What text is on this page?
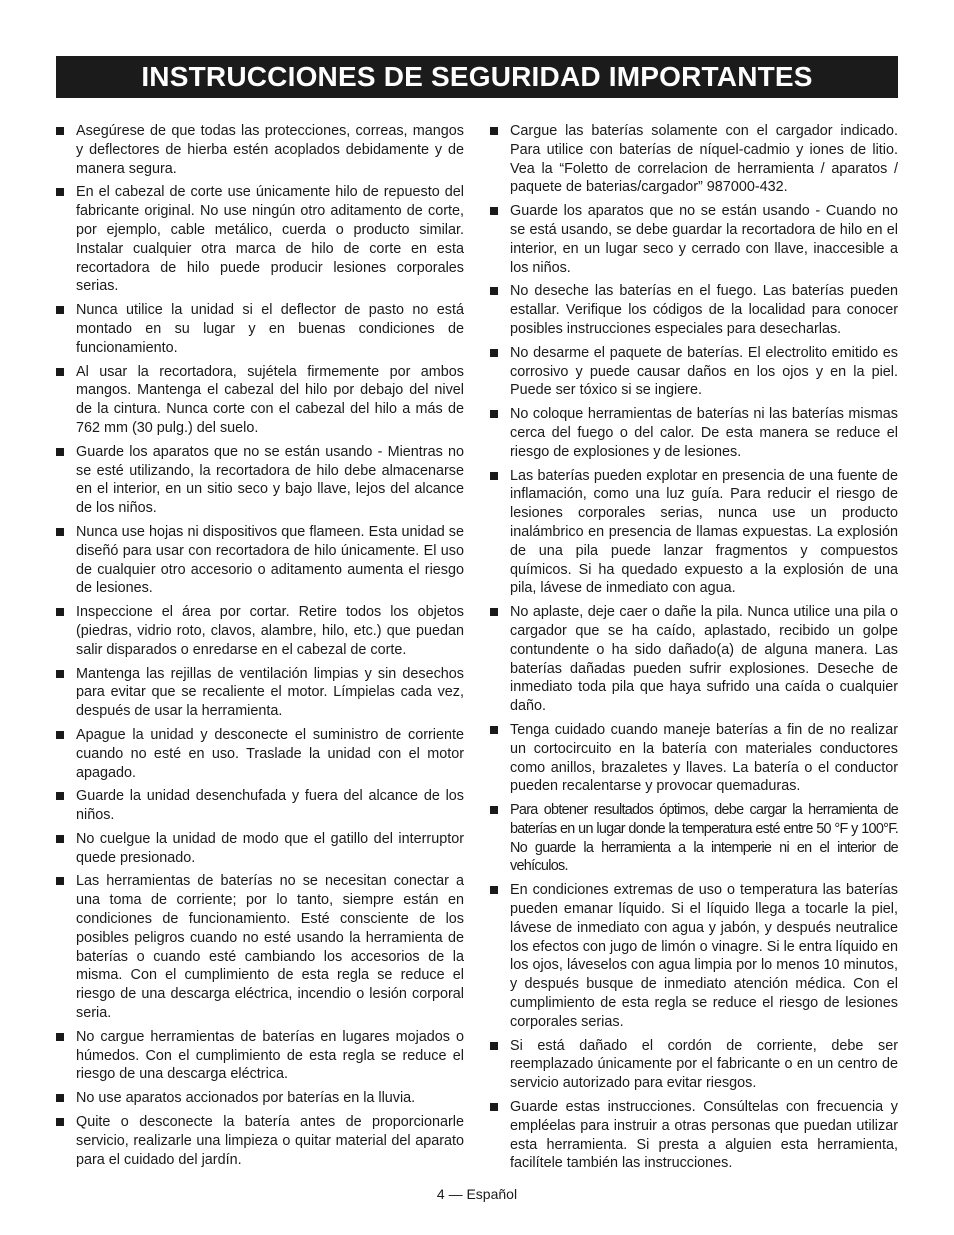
INSTRUCCIONES DE SEGURIDAD IMPORTANTES
Asegúrese de que todas las protecciones, correas, mangos y deflectores de hierba estén acoplados debidamente y de manera segura.
En el cabezal de corte use únicamente hilo de repuesto del fabricante original. No use ningún otro aditamento de corte, por ejemplo, cable metálico, cuerda o producto similar. Instalar cualquier otra marca de hilo de corte en esta recortadora de hilo puede producir lesiones corporales serias.
Nunca utilice la unidad si el deflector de pasto no está montado en su lugar y en buenas condiciones de funcionamiento.
Al usar la recortadora, sujétela firmemente por ambos mangos. Mantenga el cabezal del hilo por debajo del nivel de la cintura. Nunca corte con el cabezal del hilo a más de 762 mm (30 pulg.) del suelo.
Guarde los aparatos que no se están usando - Mientras no se esté utilizando, la recortadora de hilo debe almacenarse en el interior, en un sitio seco y bajo llave, lejos del alcance de los niños.
Nunca use hojas ni dispositivos que flameen. Esta unidad se diseñó para usar con recortadora de hilo únicamente. El uso de cualquier otro accesorio o aditamento aumenta el riesgo de lesiones.
Inspeccione el área por cortar. Retire todos los objetos (piedras, vidrio roto, clavos, alambre, hilo, etc.) que puedan salir disparados o enredarse en el cabezal de corte.
Mantenga las rejillas de ventilación limpias y sin desechos para evitar que se recaliente el motor. Límpielas cada vez, después de usar la herramienta.
Apague la unidad y desconecte el suministro de corriente cuando no esté en uso. Traslade la unidad con el motor apagado.
Guarde la unidad desenchufada y fuera del alcance de los niños.
No cuelgue la unidad de modo que el gatillo del interruptor quede presionado.
Las herramientas de baterías no se necesitan conectar a una toma de corriente; por lo tanto, siempre están en condiciones de funcionamiento. Esté consciente de los posibles peligros cuando no esté usando la herramienta de baterías o cuando esté cambiando los accesorios de la misma. Con el cumplimiento de esta regla se reduce el riesgo de una descarga eléctrica, incendio o lesión corporal seria.
No cargue herramientas de baterías en lugares mojados o húmedos. Con el cumplimiento de esta regla se reduce el riesgo de una descarga eléctrica.
No use aparatos accionados por baterías en la lluvia.
Quite o desconecte la batería antes de proporcionarle servicio, realizarle una limpieza o quitar material del aparato para el cuidado del jardín.
Cargue las baterías solamente con el cargador indicado. Para utilice con baterías de níquel-cadmio y iones de litio. Vea la “Foletto de correlacion de herramienta / aparatos / paquete de baterias/cargador” 987000-432.
Guarde los aparatos que no se están usando - Cuando no se está usando, se debe guardar la recortadora de hilo en el interior, en un lugar seco y cerrado con llave, inaccesible a los niños.
No deseche las baterías en el fuego. Las baterías pueden estallar. Verifique los códigos de la localidad para conocer posibles instrucciones especiales para desecharlas.
No desarme el paquete de baterías. El electrolito emitido es corrosivo y puede causar daños en los ojos y en la piel. Puede ser tóxico si se ingiere.
No coloque herramientas de baterías ni las baterías mismas cerca del fuego o del calor. De esta manera se reduce el riesgo de explosiones y de lesiones.
Las baterías pueden explotar en presencia de una fuente de inflamación, como una luz guía. Para reducir el riesgo de lesiones corporales serias, nunca use un producto inalámbrico en presencia de llamas expuestas. La explosión de una pila puede lanzar fragmentos y compuestos químicos. Si ha quedado expuesto a la explosión de una pila, lávese de inmediato con agua.
No aplaste, deje caer o dañe la pila. Nunca utilice una pila o cargador que se ha caído, aplastado, recibido un golpe contundente o ha sido dañado(a) de alguna manera. Las baterías dañadas pueden sufrir explosiones. Deseche de inmediato toda pila que haya sufrido una caída o cualquier daño.
Tenga cuidado cuando maneje baterías a fin de no realizar un cortocircuito en la batería con materiales conductores como anillos, brazaletes y llaves. La batería o el conductor pueden recalentarse y provocar quemaduras.
Para obtener resultados óptimos, debe cargar la herramienta de baterías en un lugar donde la temperatura esté entre 50 °F y 100°F. No guarde la herramienta a la intemperie ni en el interior de vehículos.
En condiciones extremas de uso o temperatura las baterías pueden emanar líquido. Si el líquido llega a tocarle la piel, lávese de inmediato con agua y jabón, y después neutralice los efectos con jugo de limón o vinagre. Si le entra líquido en los ojos, láveselos con agua limpia por lo menos 10 minutos, y después busque de inmediato atención médica. Con el cumplimiento de esta regla se reduce el riesgo de lesiones corporales serias.
Si está dañado el cordón de corriente, debe ser reemplazado únicamente por el fabricante o en un centro de servicio autorizado para evitar riesgos.
Guarde estas instrucciones. Consúltelas con frecuencia y empléelas para instruir a otras personas que puedan utilizar esta herramienta. Si presta a alguien esta herramienta, facilítele también las instrucciones.
4 — Español
